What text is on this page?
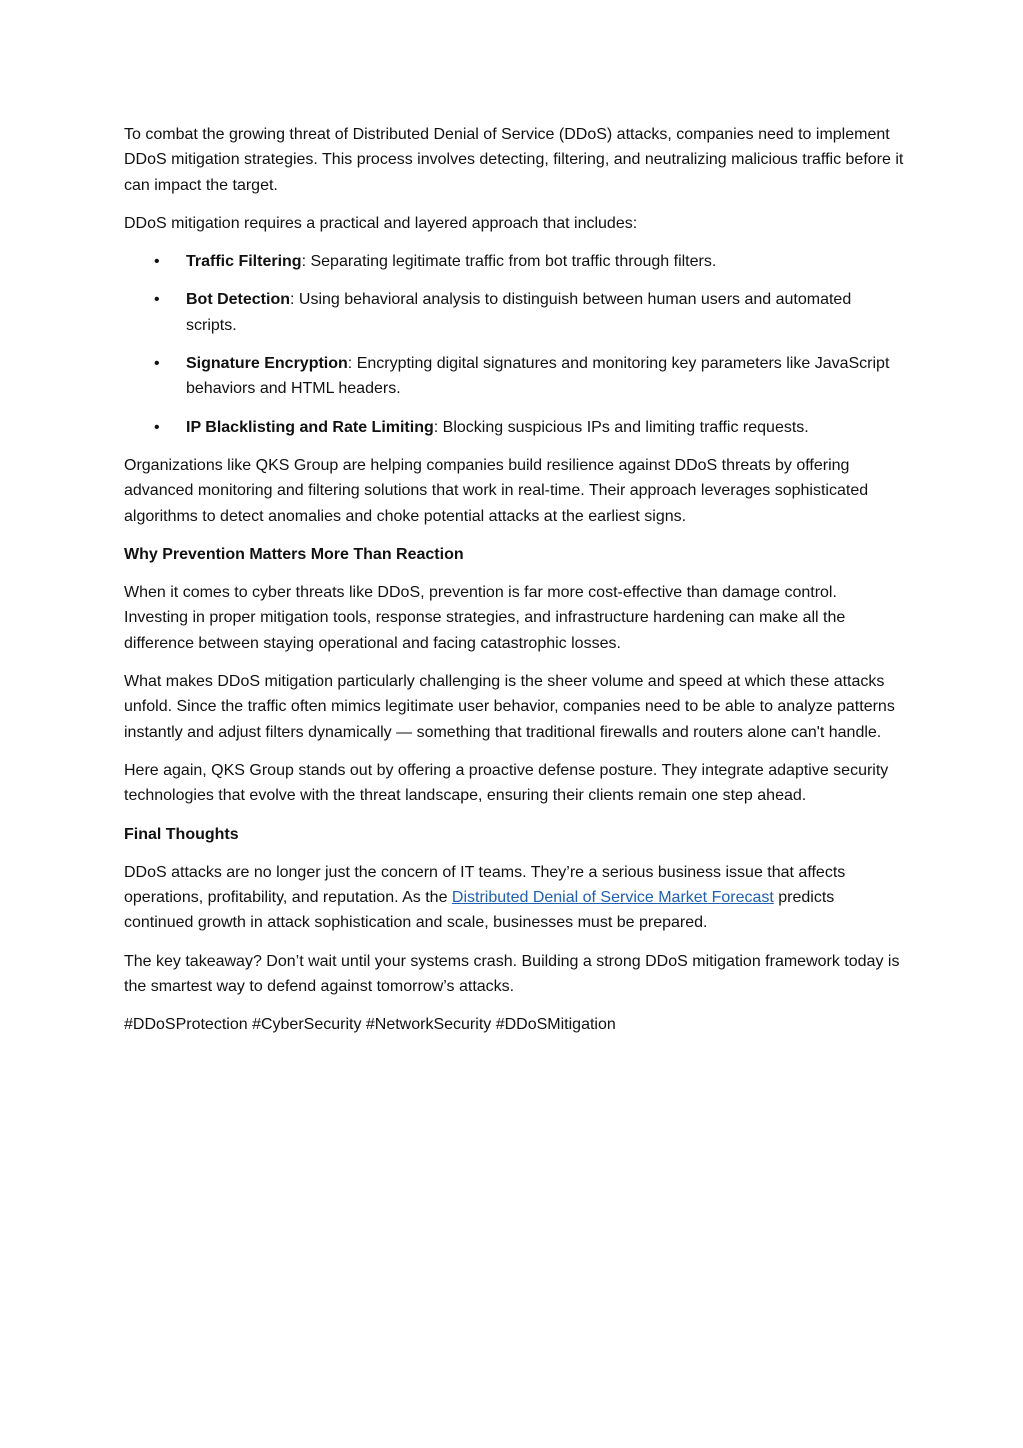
To combat the growing threat of Distributed Denial of Service (DDoS) attacks, companies need to implement DDoS mitigation strategies. This process involves detecting, filtering, and neutralizing malicious traffic before it can impact the target.

DDoS mitigation requires a practical and layered approach that includes:

• Traffic Filtering: Separating legitimate traffic from bot traffic through filters.
• Bot Detection: Using behavioral analysis to distinguish between human users and automated scripts.
• Signature Encryption: Encrypting digital signatures and monitoring key parameters like JavaScript behaviors and HTML headers.
• IP Blacklisting and Rate Limiting: Blocking suspicious IPs and limiting traffic requests.

Organizations like QKS Group are helping companies build resilience against DDoS threats by offering advanced monitoring and filtering solutions that work in real-time. Their approach leverages sophisticated algorithms to detect anomalies and choke potential attacks at the earliest signs.

Why Prevention Matters More Than Reaction

When it comes to cyber threats like DDoS, prevention is far more cost-effective than damage control. Investing in proper mitigation tools, response strategies, and infrastructure hardening can make all the difference between staying operational and facing catastrophic losses.

What makes DDoS mitigation particularly challenging is the sheer volume and speed at which these attacks unfold. Since the traffic often mimics legitimate user behavior, companies need to be able to analyze patterns instantly and adjust filters dynamically — something that traditional firewalls and routers alone can't handle.

Here again, QKS Group stands out by offering a proactive defense posture. They integrate adaptive security technologies that evolve with the threat landscape, ensuring their clients remain one step ahead.

Final Thoughts

DDoS attacks are no longer just the concern of IT teams. They’re a serious business issue that affects operations, profitability, and reputation. As the Distributed Denial of Service Market Forecast predicts continued growth in attack sophistication and scale, businesses must be prepared.

The key takeaway? Don’t wait until your systems crash. Building a strong DDoS mitigation framework today is the smartest way to defend against tomorrow’s attacks.

#DDoSProtection #CyberSecurity #NetworkSecurity #DDoSMitigation
